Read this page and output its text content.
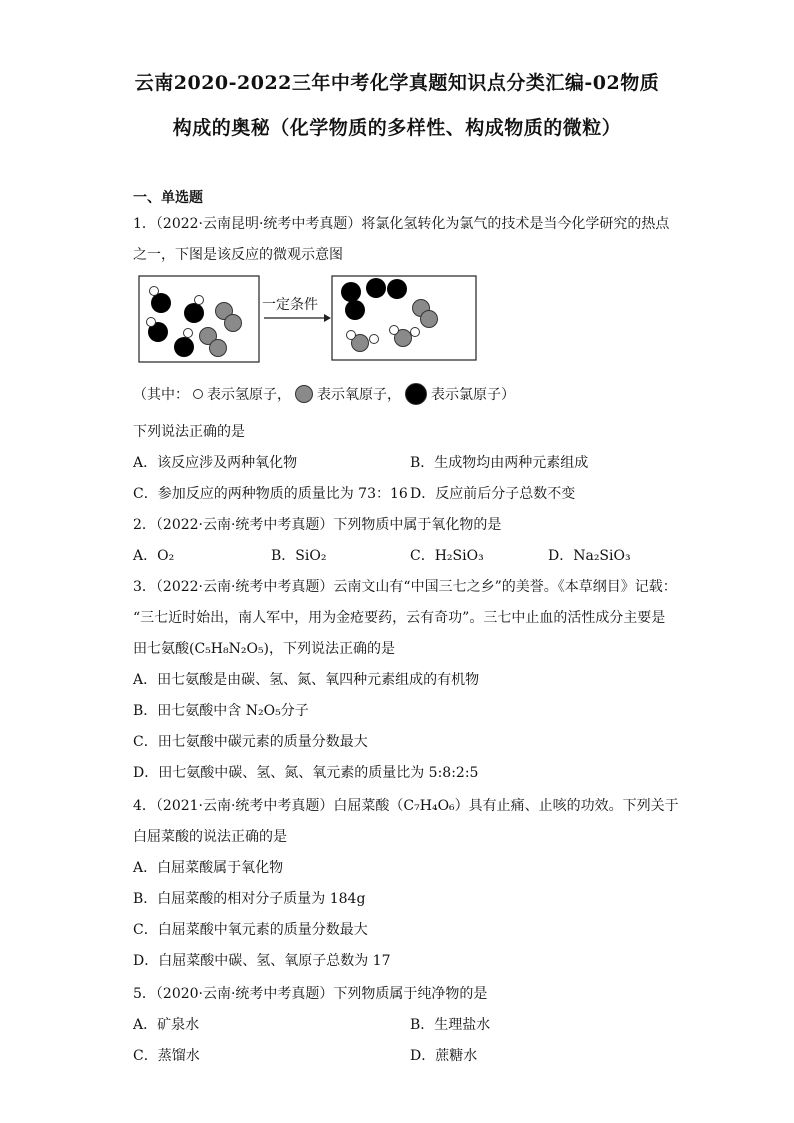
云南2020-2022三年中考化学真题知识点分类汇编-02物质
构成的奥秘（化学物质的多样性、构成物质的微粒）
一、单选题
1．（2022·云南昆明·统考中考真题）将氯化氢转化为氯气的技术是当今化学研究的热点
之一，下图是该反应的微观示意图
一定条件
（其中： 表示氢原子， 表示氧原子， 表示氯原子）
下列说法正确的是
A．该反应涉及两种氧化物	B．生成物均由两种元素组成
C．参加反应的两种物质的质量比为 73：16 D．反应前后分子总数不变
2．（2022·云南·统考中考真题）下列物质中属于氧化物的是
A．O₂	B．SiO₂	C．H₂SiO₃	D．Na₂SiO₃
3．（2022·云南·统考中考真题）云南文山有“中国三七之乡”的美誉。《本草纲目》记载：
“三七近时始出，南人军中，用为金疮要药，云有奇功”。三七中止血的活性成分主要是
田七氨酸(C₅H₈N₂O₅)，下列说法正确的是
A．田七氨酸是由碳、氢、氮、氧四种元素组成的有机物
B．田七氨酸中含 N₂O₅分子
C．田七氨酸中碳元素的质量分数最大
D．田七氨酸中碳、氢、氮、氧元素的质量比为 5:8:2:5
4．（2021·云南·统考中考真题）白屈菜酸（C₇H₄O₆）具有止痛、止咳的功效。下列关于
白屈菜酸的说法正确的是
A．白屈菜酸属于氧化物
B．白屈菜酸的相对分子质量为 184g
C．白屈菜酸中氧元素的质量分数最大
D．白屈菜酸中碳、氢、氧原子总数为 17
5．（2020·云南·统考中考真题）下列物质属于纯净物的是
A．矿泉水	B．生理盐水
C．蒸馏水	D．蔗糖水
